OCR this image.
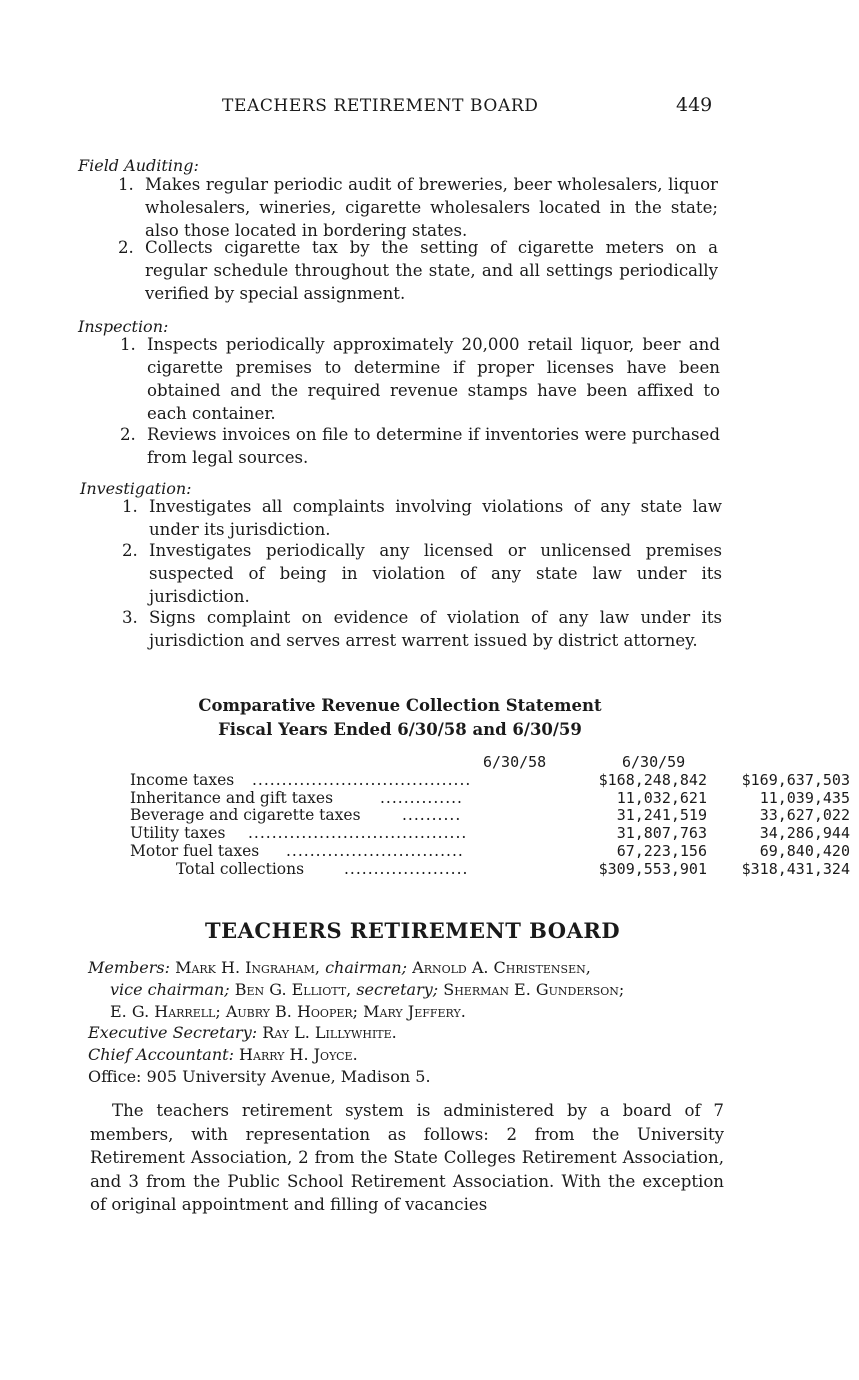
TEACHERS RETIREMENT BOARD	449
Field Auditing:
1. Makes regular periodic audit of breweries, beer wholesalers, liquor wholesalers, wineries, cigarette wholesalers located in the state; also those located in bordering states.
2. Collects cigarette tax by the setting of cigarette meters on a regular schedule throughout the state, and all settings periodically verified by special assignment.
Inspection:
1. Inspects periodically approximately 20,000 retail liquor, beer and cigarette premises to determine if proper licenses have been obtained and the required revenue stamps have been affixed to each container.
2. Reviews invoices on file to determine if inventories were purchased from legal sources.
Investigation:
1. Investigates all complaints involving violations of any state law under its jurisdiction.
2. Investigates periodically any licensed or unlicensed premises suspected of being in violation of any state law under its jurisdiction.
3. Signs complaint on evidence of violation of any law under its jurisdiction and serves arrest warrent issued by district attorney.
Comparative Revenue Collection Statement
Fiscal Years Ended 6/30/58 and 6/30/59
6/30/58	6/30/59
Income taxes .....................................	$168,248,842	$169,637,503
Inheritance and gift taxes	..............	11,032,621	11,039,435
Beverage and cigarette taxes	..........	31,241,519	33,627,022
Utility taxes .....................................	31,807,763	34,286,944
Motor fuel taxes ..............................	67,223,156	69,840,420
Total collections	.....................	$309,553,901	$318,431,324
TEACHERS RETIREMENT BOARD
Members: Mark H. Ingraham, chairman; Arnold A. Christensen,
vice chairman; Ben G. Elliott, secretary; Sherman E. Gunderson;
E. G. Harrell; Aubry B. Hooper; Mary Jeffery.
Executive Secretary: Ray L. Lillywhite.
Chief Accountant: Harry H. Joyce.
Office: 905 University Avenue, Madison 5.
The teachers retirement system is administered by a board of 7 members, with representation as follows: 2 from the University Retirement Association, 2 from the State Colleges Retirement Association, and 3 from the Public School Retirement Association. With the exception of original appointment and filling of vacancies
